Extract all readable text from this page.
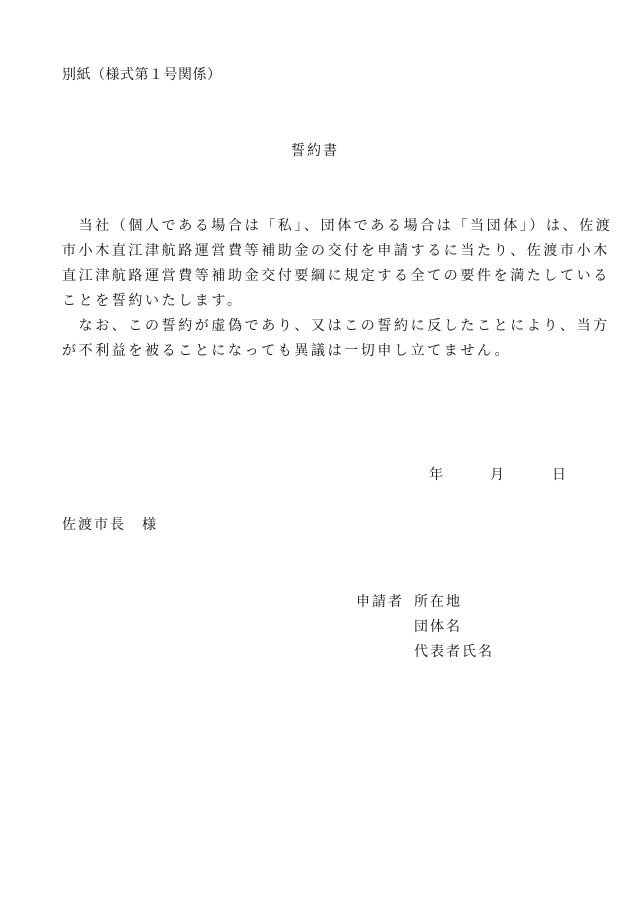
別紙（様式第１号関係）
誓約書
　当社（個人である場合は「私」、団体である場合は「当団体」）は、佐渡
市小木直江津航路運営費等補助金の交付を申請するに当たり、佐渡市小木
直江津航路運営費等補助金交付要綱に規定する全ての要件を満たしている
ことを誓約いたします。
　なお、この誓約が虚偽であり、又はこの誓約に反したことにより、当方
が不利益を被ることになっても異議は一切申し立てません。
年	月	日
佐渡市長　様
申請者 所在地
団体名
代表者氏名
